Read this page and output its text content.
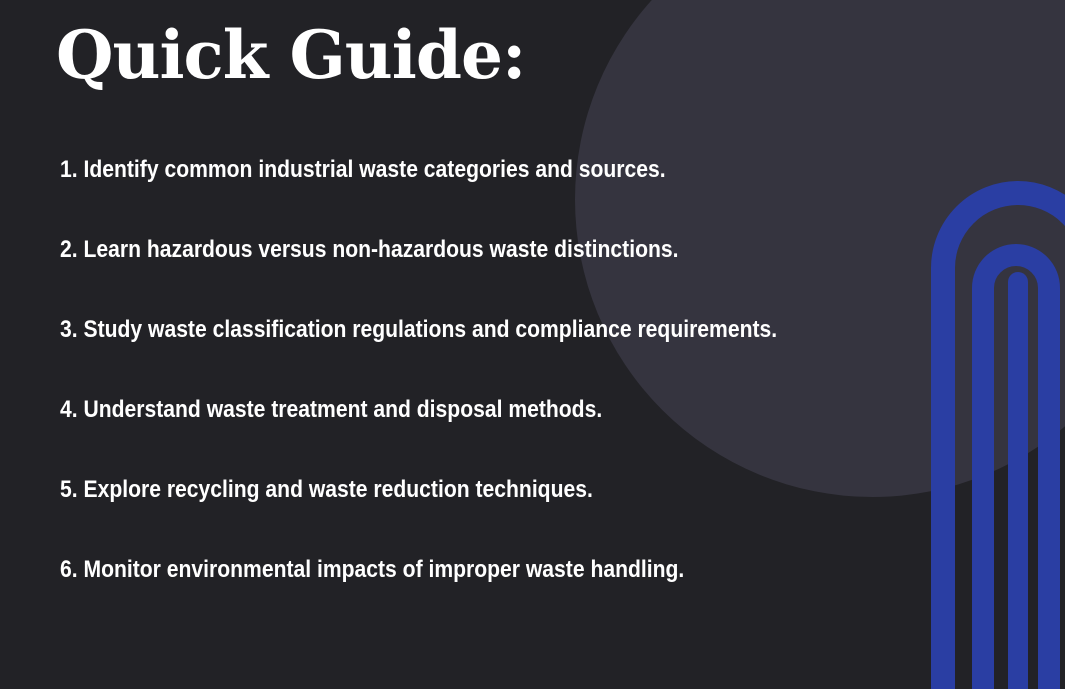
Quick Guide:
1. Identify common industrial waste categories and sources.
2. Learn hazardous versus non-hazardous waste distinctions.
3. Study waste classification regulations and compliance requirements.
4. Understand waste treatment and disposal methods.
5. Explore recycling and waste reduction techniques.
6. Monitor environmental impacts of improper waste handling.
